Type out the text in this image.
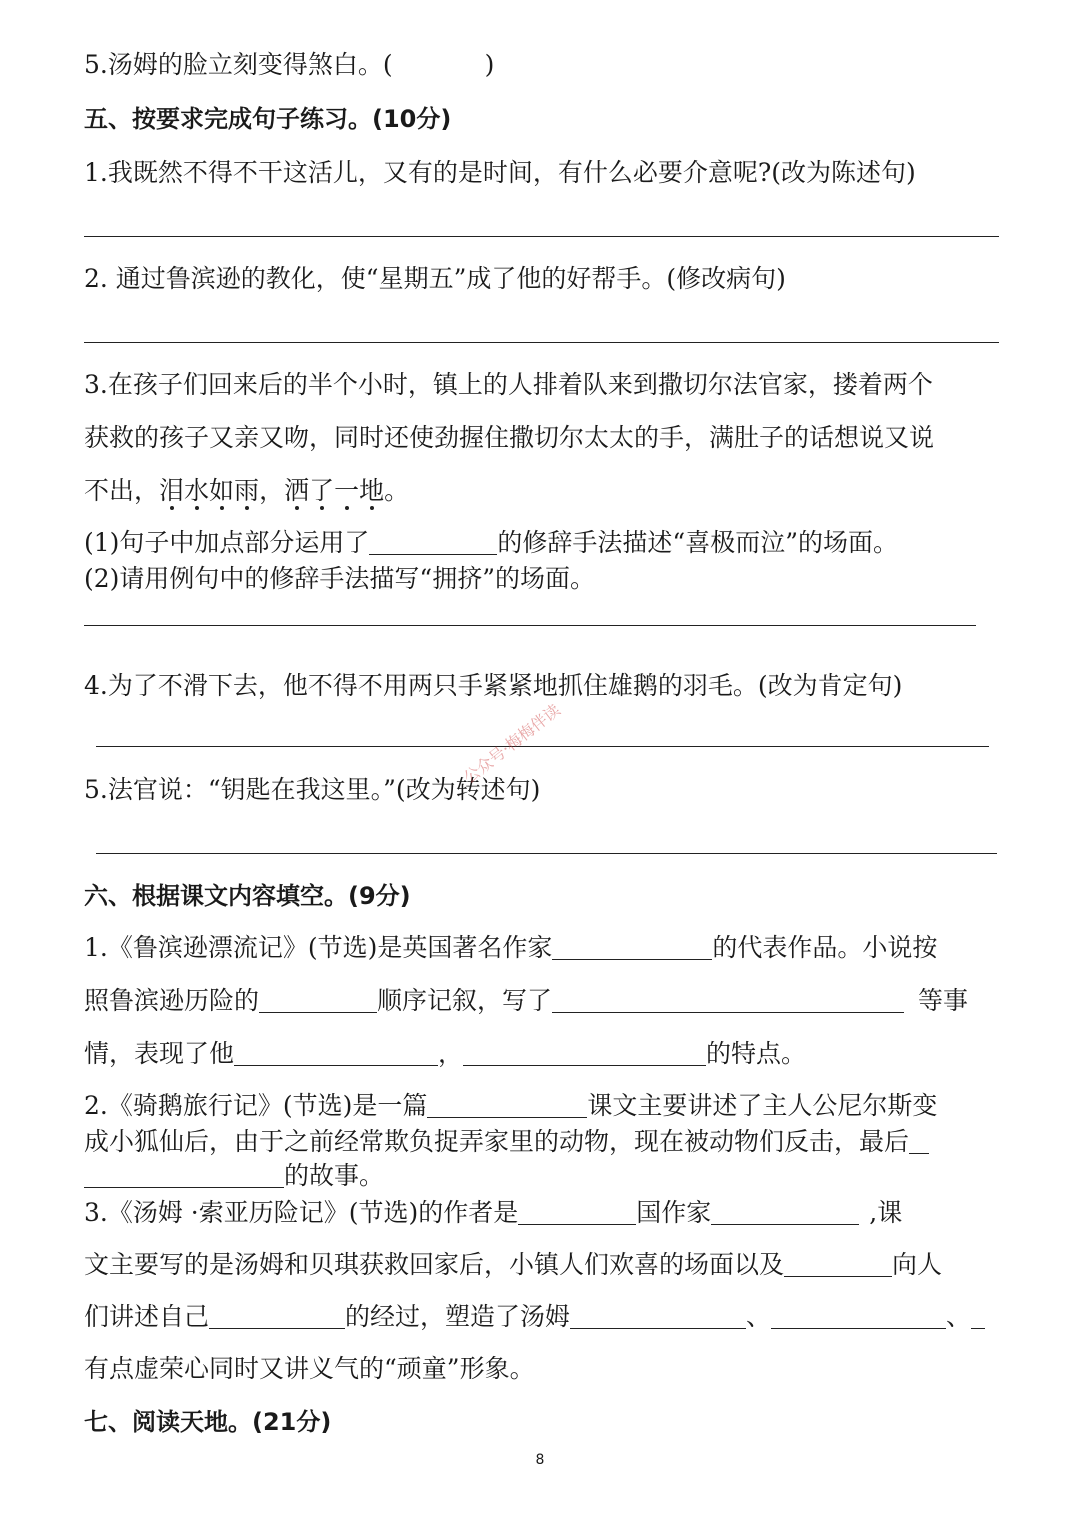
5.汤姆的脸立刻变得煞白。(	)
五、按要求完成句子练习。(10分)
1.我既然不得不干这活儿，又有的是时间，有什么必要介意呢?(改为陈述句)
2. 通过鲁滨逊的教化，使“星期五”成了他的好帮手。(修改病句)
3.在孩子们回来后的半个小时，镇上的人排着队来到撒切尔法官家，搂着两个
获救的孩子又亲又吻，同时还使劲握住撒切尔太太的手，满肚子的话想说又说
不出，泪水如雨，洒了一地。
(1)句子中加点部分运用了	的修辞手法描述“喜极而泣”的场面。
(2)请用例句中的修辞手法描写“拥挤”的场面。
4.为了不滑下去，他不得不用两只手紧紧地抓住雄鹅的羽毛。(改为肯定句)
5.法官说：“钥匙在我这里。”(改为转述句)
公众号·梅梅伴读
六、根据课文内容填空。(9分)
1.《鲁滨逊漂流记》(节选)是英国著名作家	的代表作品。小说按
照鲁滨逊历险的	顺序记叙，写了	等事
情，表现了他	，	的特点。
2.《骑鹅旅行记》(节选)是一篇	课文主要讲述了主人公尼尔斯变
成小狐仙后，由于之前经常欺负捉弄家里的动物，现在被动物们反击，最后
的故事。
3.《汤姆 ·索亚历险记》(节选)的作者是	国作家	,课
文主要写的是汤姆和贝琪获救回家后，小镇人们欢喜的场面以及	向人
们讲述自己	的经过，塑造了汤姆	、	、
有点虚荣心同时又讲义气的“顽童”形象。
七、阅读天地。(21分)
8
